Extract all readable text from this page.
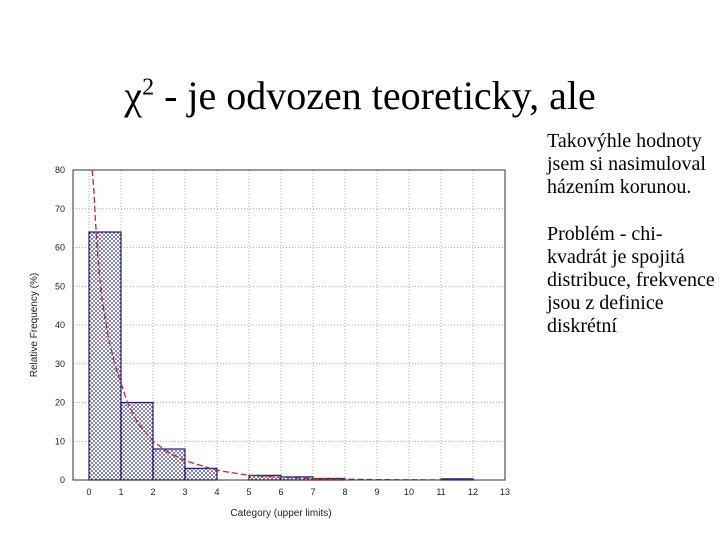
$\chi^2$ - je odvozen teoreticky, ale
0
10
20
30
40
50
60
70
80
0	1	2	3	4	5	6	7	8	9	10 11 12 13
Relative Frequency (%)
Category (upper limits)

Takovýhle hodnoty jsem si nasimuloval házením korunou.

Problém - chi-kvadrát je spojitá distribuce, frekvence jsou z definice diskrétní
